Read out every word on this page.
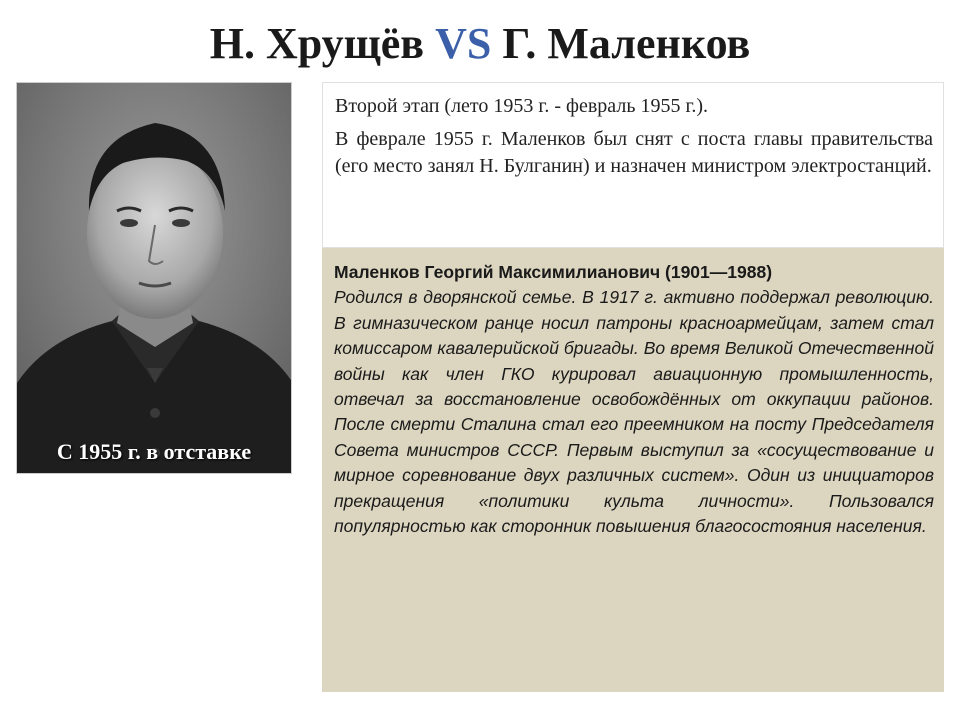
Н. Хрущёв VS Г. Маленков
С 1955 г. в отставке

Второй этап (лето 1953 г. - февраль 1955 г.).

В феврале 1955 г. Маленков был снят с поста главы правительства (его место занял Н. Булганин) и назначен министром электростанций.

Маленков Георгий Максимилианович (1901—1988)

Родился в дворянской семье. В 1917 г. активно поддержал революцию. В гимназическом ранце носил патроны красноармейцам, затем стал комиссаром кавалерийской бригады. Во время Великой Отечественной войны как член ГКО курировал авиационную промышленность, отвечал за восстановление освобождённых от оккупации районов. После смерти Сталина стал его преемником на посту Председателя Совета министров СССР. Первым выступил за «сосуществование и мирное соревнование двух различных систем». Один из инициаторов прекращения «политики культа личности». Пользовался популярностью как сторонник повышения благосостояния населения.
